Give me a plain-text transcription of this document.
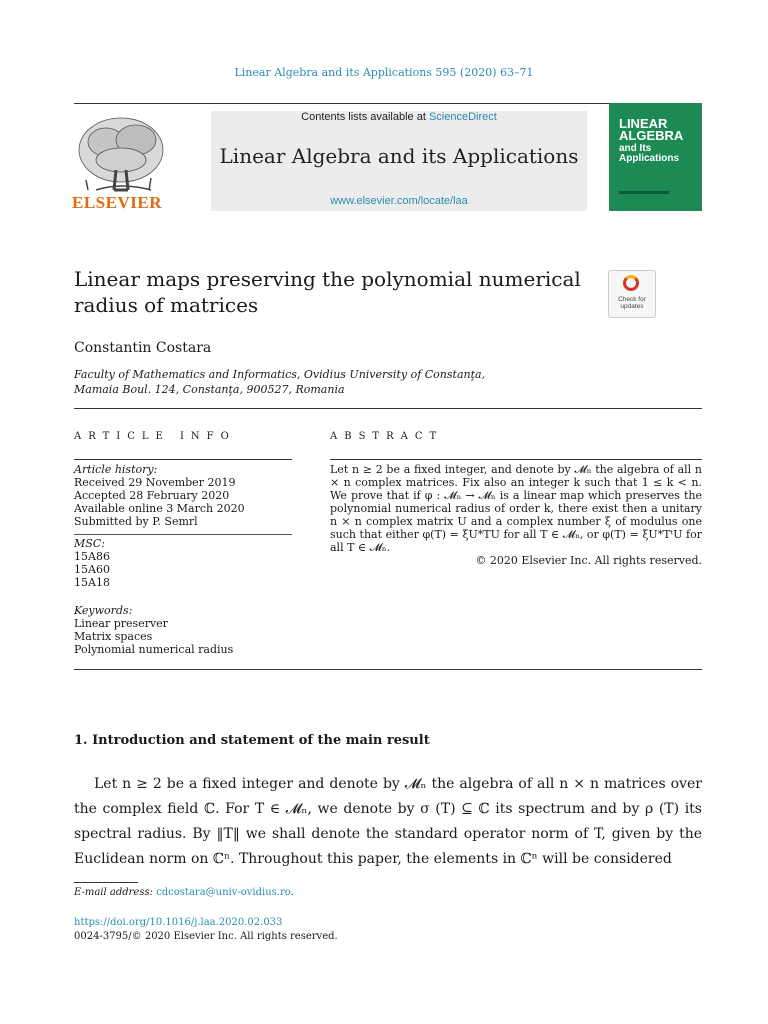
Linear Algebra and its Applications 595 (2020) 63–71
ELSEVIER
Contents lists available at ScienceDirect
Linear Algebra and its Applications
www.elsevier.com/locate/laa
LINEAR
ALGEBRA
and Its
Applications
Linear maps preserving the polynomial numerical
radius of matrices	Check for updates
Constantin Costara
Faculty of Mathematics and Informatics, Ovidius University of Constanţa,
Mamaia Boul. 124, Constanţa, 900527, Romania
ARTICLE INFO	ABSTRACT
Article history:
Received 29 November 2019
Accepted 28 February 2020
Available online 3 March 2020
Submitted by P. Semrl
MSC:
15A86
15A60
15A18
Keywords:
Linear preserver
Matrix spaces
Polynomial numerical radius
Let n ≥ 2 be a fixed integer, and denote by 𝓜ₙ the algebra of all n × n complex matrices. Fix also an integer k such that 1 ≤ k < n. We prove that if φ : 𝓜ₙ → 𝓜ₙ is a linear map which preserves the polynomial numerical radius of order k, there exist then a unitary n × n complex matrix U and a complex number ξ of modulus one such that either φ(T) = ξU*TU for all T ∈ 𝓜ₙ, or φ(T) = ξU*TᵗU for all T ∈ 𝓜ₙ.
© 2020 Elsevier Inc. All rights reserved.
1. Introduction and statement of the main result
Let n ≥ 2 be a fixed integer and denote by 𝓜ₙ the algebra of all n × n matrices over the complex field ℂ. For T ∈ 𝓜ₙ, we denote by σ (T) ⊆ ℂ its spectrum and by ρ (T) its spectral radius. By ‖T‖ we shall denote the standard operator norm of T, given by the Euclidean norm on ℂⁿ. Throughout this paper, the elements in ℂⁿ will be considered
E-mail address: cdcostara@univ-ovidius.ro.
https://doi.org/10.1016/j.laa.2020.02.033
0024-3795/© 2020 Elsevier Inc. All rights reserved.
